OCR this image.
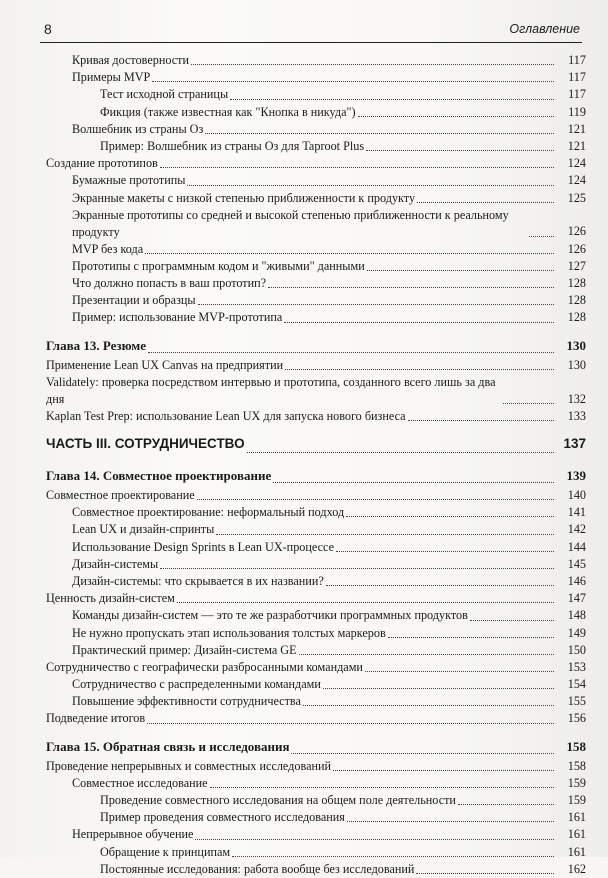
8	Оглавление
Кривая достоверности	117
Примеры MVP	117
Тест исходной страницы	117
Фикция (также известная как "Кнопка в никуда")	119
Волшебник из страны Оз	121
Пример: Волшебник из страны Оз для Taproot Plus	121
Создание прототипов	124
Бумажные прототипы	124
Экранные макеты с низкой степенью приближенности к продукту	125
Экранные прототипы со средней и высокой степенью приближенности к реальному продукту	126
MVP без кода	126
Прототипы с программным кодом и "живыми" данными	127
Что должно попасть в ваш прототип?	128
Презентации и образцы	128
Пример: использование MVP-прототипа	128
Глава 13. Резюме	130
Применение Lean UX Canvas на предприятии	130
Validately: проверка посредством интервью и прототипа, созданного всего лишь за два дня	132
Kaplan Test Prep: использование Lean UX для запуска нового бизнеса	133
ЧАСТЬ III. СОТРУДНИЧЕСТВО	137
Глава 14. Совместное проектирование	139
Совместное проектирование	140
Совместное проектирование: неформальный подход	141
Lean UX и дизайн-спринты	142
Использование Design Sprints в Lean UX-процессе	144
Дизайн-системы	145
Дизайн-системы: что скрывается в их названии?	146
Ценность дизайн-систем	147
Команды дизайн-систем — это те же разработчики программных продуктов	148
Не нужно пропускать этап использования толстых маркеров	149
Практический пример: Дизайн-система GE	150
Сотрудничество с географически разбросанными командами	153
Сотрудничество с распределенными командами	154
Повышение эффективности сотрудничества	155
Подведение итогов	156
Глава 15. Обратная связь и исследования	158
Проведение непрерывных и совместных исследований	158
Совместное исследование	159
Проведение совместного исследования на общем поле деятельности	159
Пример проведения совместного исследования	161
Непрерывное обучение	161
Обращение к принципам	161
Постоянные исследования: работа вообще без исследований	162
